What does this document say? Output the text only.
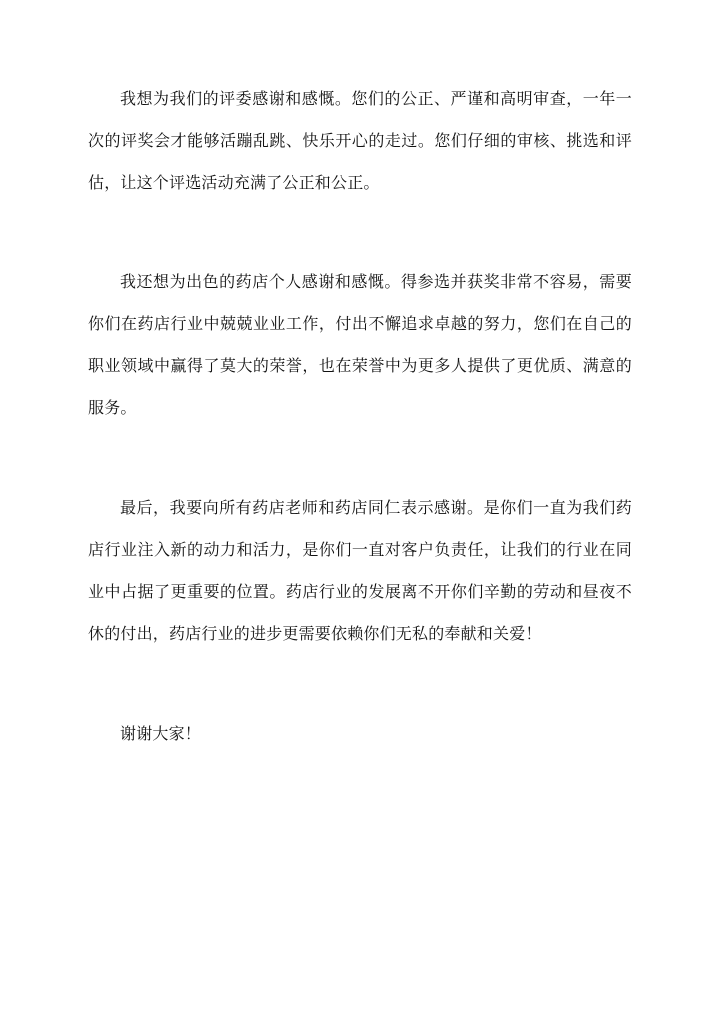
我想为我们的评委感谢和感慨。您们的公正、严谨和高明审查，一年一次的评奖会才能够活蹦乱跳、快乐开心的走过。您们仔细的审核、挑选和评估，让这个评选活动充满了公正和公正。

我还想为出色的药店个人感谢和感慨。得参选并获奖非常不容易，需要你们在药店行业中兢兢业业工作，付出不懈追求卓越的努力，您们在自己的职业领域中赢得了莫大的荣誉，也在荣誉中为更多人提供了更优质、满意的服务。

最后，我要向所有药店老师和药店同仁表示感谢。是你们一直为我们药店行业注入新的动力和活力，是你们一直对客户负责任，让我们的行业在同业中占据了更重要的位置。药店行业的发展离不开你们辛勤的劳动和昼夜不休的付出，药店行业的进步更需要依赖你们无私的奉献和关爱！

谢谢大家！
